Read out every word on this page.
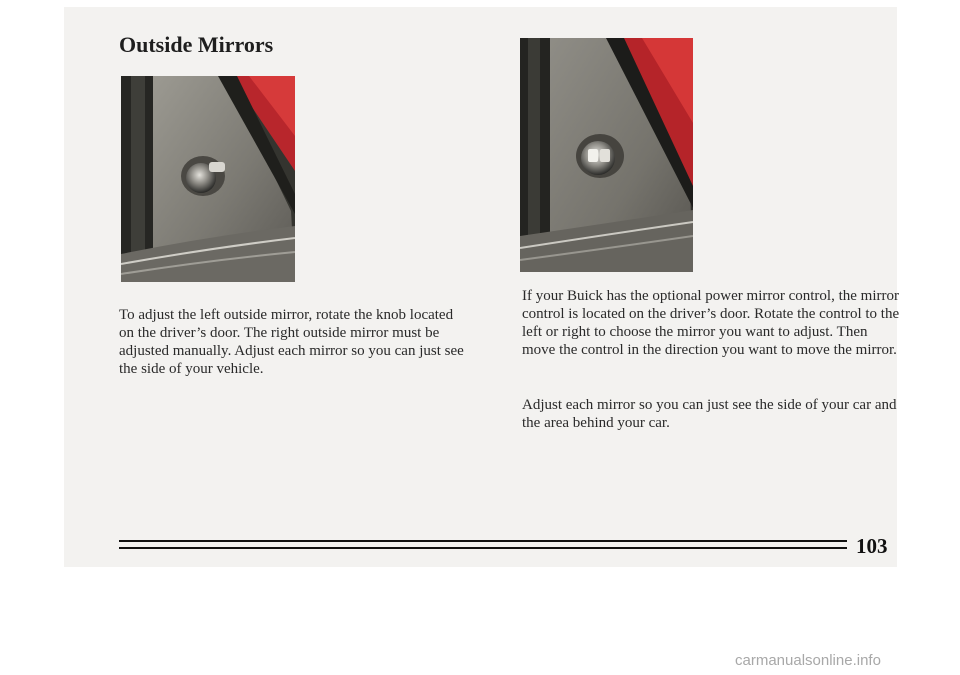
Outside Mirrors

To adjust the left outside mirror, rotate the knob located on the driver’s door. The right outside mirror must be adjusted manually. Adjust each mirror so you can just see the side of your vehicle.

If your Buick has the optional power mirror control, the mirror control is located on the driver’s door. Rotate the control to the left or right to choose the mirror you want to adjust. Then move the control in the direction you want to move the mirror.

Adjust each mirror so you can just see the side of your car and the area behind your car.

103
carmanualsonline.info
